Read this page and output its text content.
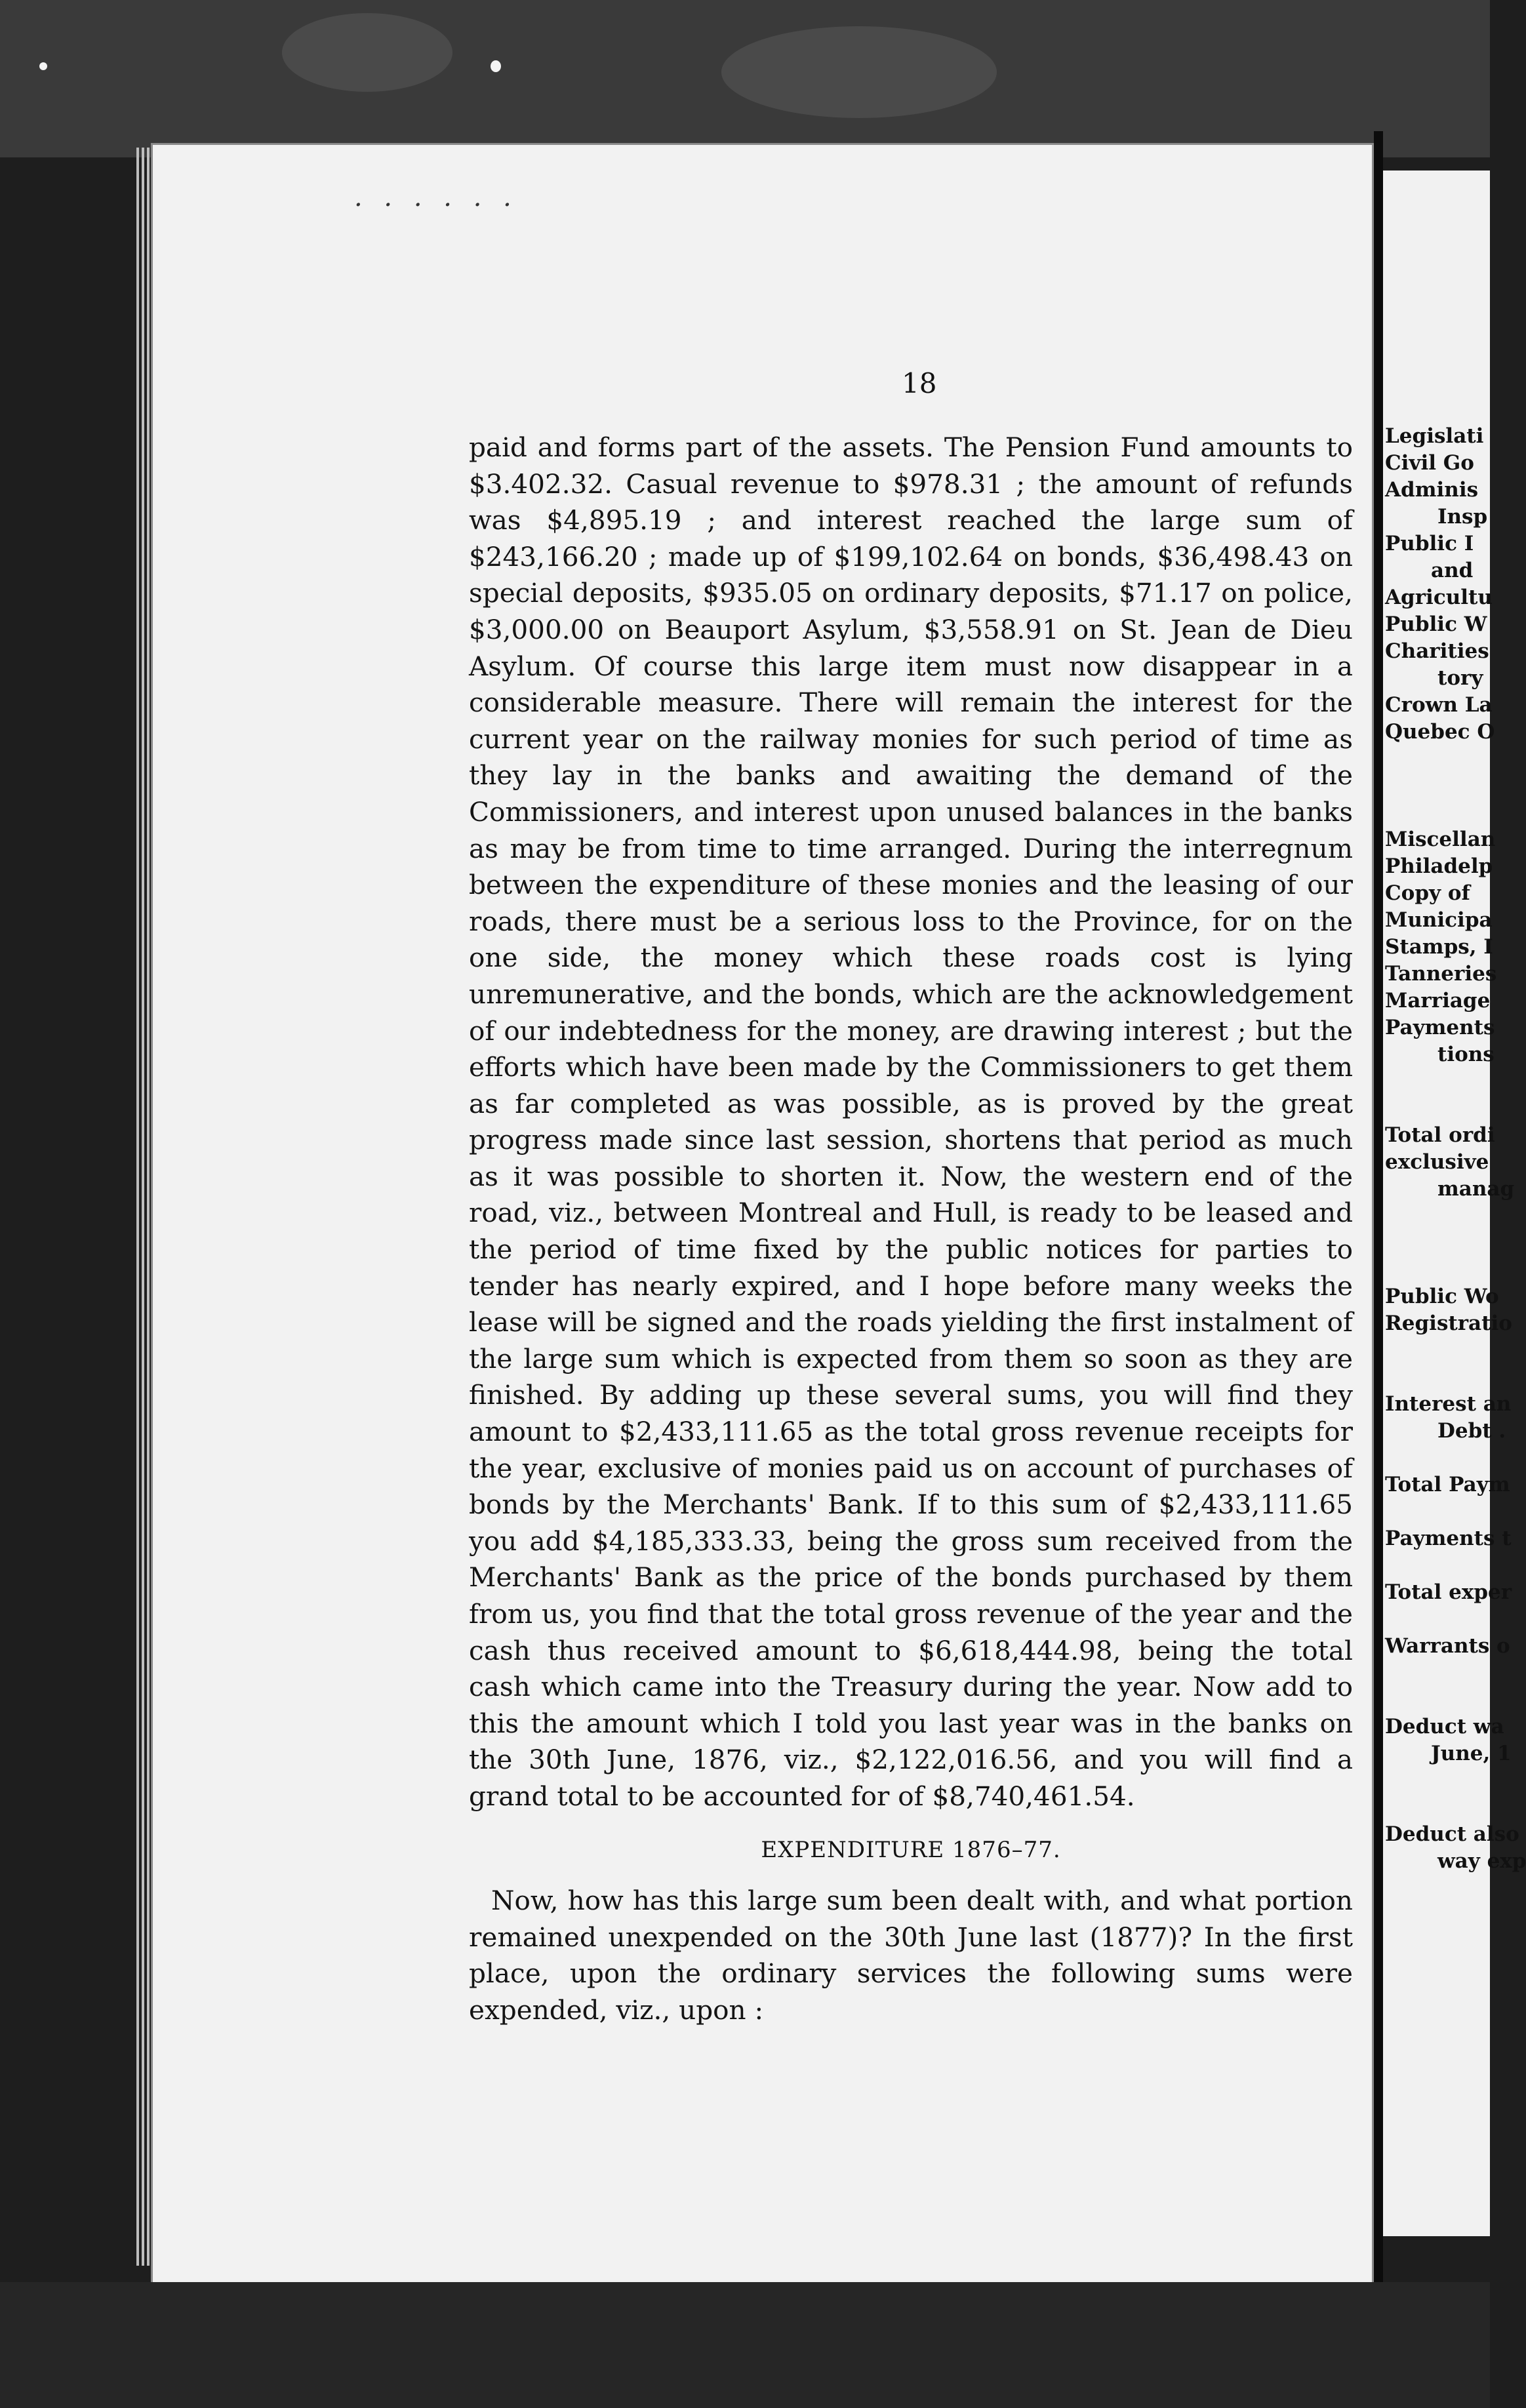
· · · · · ·
18

paid and forms part of the assets. The Pension Fund amounts to $3.402.32. Casual revenue to $978.31 ; the amount of refunds was $4,895.19 ; and interest reached the large sum of $243,166.20 ; made up of $199,102.64 on bonds, $36,498.43 on special deposits, $935.05 on ordinary deposits, $71.17 on police, $3,000.00 on Beauport Asylum, $3,558.91 on St. Jean de Dieu Asylum. Of course this large item must now disappear in a considerable measure. There will remain the interest for the current year on the railway monies for such period of time as they lay in the banks and awaiting the demand of the Commissioners, and interest upon unused balances in the banks as may be from time to time arranged. During the interregnum between the expenditure of these monies and the leasing of our roads, there must be a serious loss to the Province, for on the one side, the money which these roads cost is lying unremunerative, and the bonds, which are the acknowledgement of our indebtedness for the money, are drawing interest ; but the efforts which have been made by the Commissioners to get them as far completed as was possible, as is proved by the great progress made since last session, shortens that period as much as it was possible to shorten it. Now, the western end of the road, viz., between Montreal and Hull, is ready to be leased and the period of time fixed by the public notices for parties to tender has nearly expired, and I hope before many weeks the lease will be signed and the roads yielding the first instalment of the large sum which is expected from them so soon as they are finished. By adding up these several sums, you will find they amount to $2,433,111.65 as the total gross revenue receipts for the year, exclusive of monies paid us on account of purchases of bonds by the Merchants' Bank. If to this sum of $2,433,111.65 you add $4,185,333.33, being the gross sum received from the Merchants' Bank as the price of the bonds purchased by them from us, you find that the total gross revenue of the year and the cash thus received amount to $6,618,444.98, being the total cash which came into the Treasury during the year. Now add to this the amount which I told you last year was in the banks on the 30th June, 1876, viz., $2,122,016.56, and you will find a grand total to be accounted for of $8,740,461.54.

EXPENDITURE 1876–77.

Now, how has this large sum been dealt with, and what portion remained unexpended on the 30th June last (1877)? In the first place, upon the ordinary services the following sums were expended, viz., upon :

Legislati
Civil Go
Adminis
Insp
Public I
and
Agricultu
Public W
Charities
tory
Crown La
Quebec O
Miscellan
Philadelp
Copy of
Municipa
Stamps, I
Tanneries
Marriage
Payments
tions
Total ordi
exclusive
manag
Public Wo
Registratio
Interest an
Debt .
Total Paym
Payments t
Total exper
Warrants o
Deduct wa
June, 1
Deduct also
way exp
